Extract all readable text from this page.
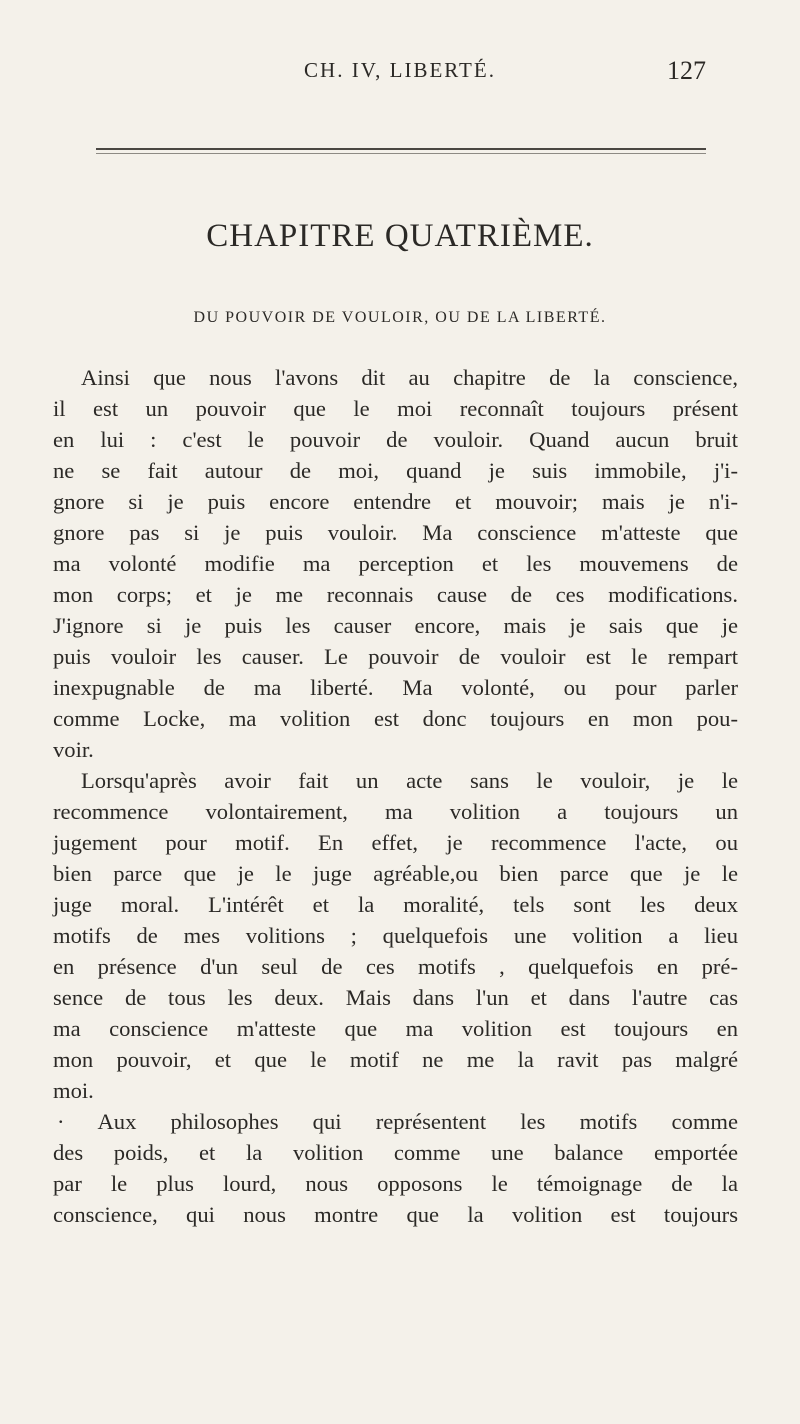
CH. IV, LIBERTÉ.	127
CHAPITRE QUATRIÈME.
DU POUVOIR DE VOULOIR, OU DE LA LIBERTÉ.
Ainsi que nous l'avons dit au chapitre de la conscience,
il est un pouvoir que le moi reconnaît toujours présent
en lui : c'est le pouvoir de vouloir. Quand aucun bruit
ne se fait autour de moi, quand je suis immobile, j'i-
gnore si je puis encore entendre et mouvoir; mais je n'i-
gnore pas si je puis vouloir. Ma conscience m'atteste que
ma volonté modifie ma perception et les mouvemens de
mon corps; et je me reconnais cause de ces modifications.
J'ignore si je puis les causer encore, mais je sais que je
puis vouloir les causer. Le pouvoir de vouloir est le rempart
inexpugnable de ma liberté. Ma volonté, ou pour parler
comme Locke, ma volition est donc toujours en mon pou-
voir.
Lorsqu'après avoir fait un acte sans le vouloir, je le
recommence volontairement, ma volition a toujours un
jugement pour motif. En effet, je recommence l'acte, ou
bien parce que je le juge agréable,ou bien parce que je le
juge moral. L'intérêt et la moralité, tels sont les deux
motifs de mes volitions ; quelquefois une volition a lieu
en présence d'un seul de ces motifs , quelquefois en pré-
sence de tous les deux. Mais dans l'un et dans l'autre cas
ma conscience m'atteste que ma volition est toujours en
mon pouvoir, et que le motif ne me la ravit pas malgré
moi.
· Aux philosophes qui représentent les motifs comme
des poids, et la volition comme une balance emportée
par le plus lourd, nous opposons le témoignage de la
conscience, qui nous montre que la volition est toujours
